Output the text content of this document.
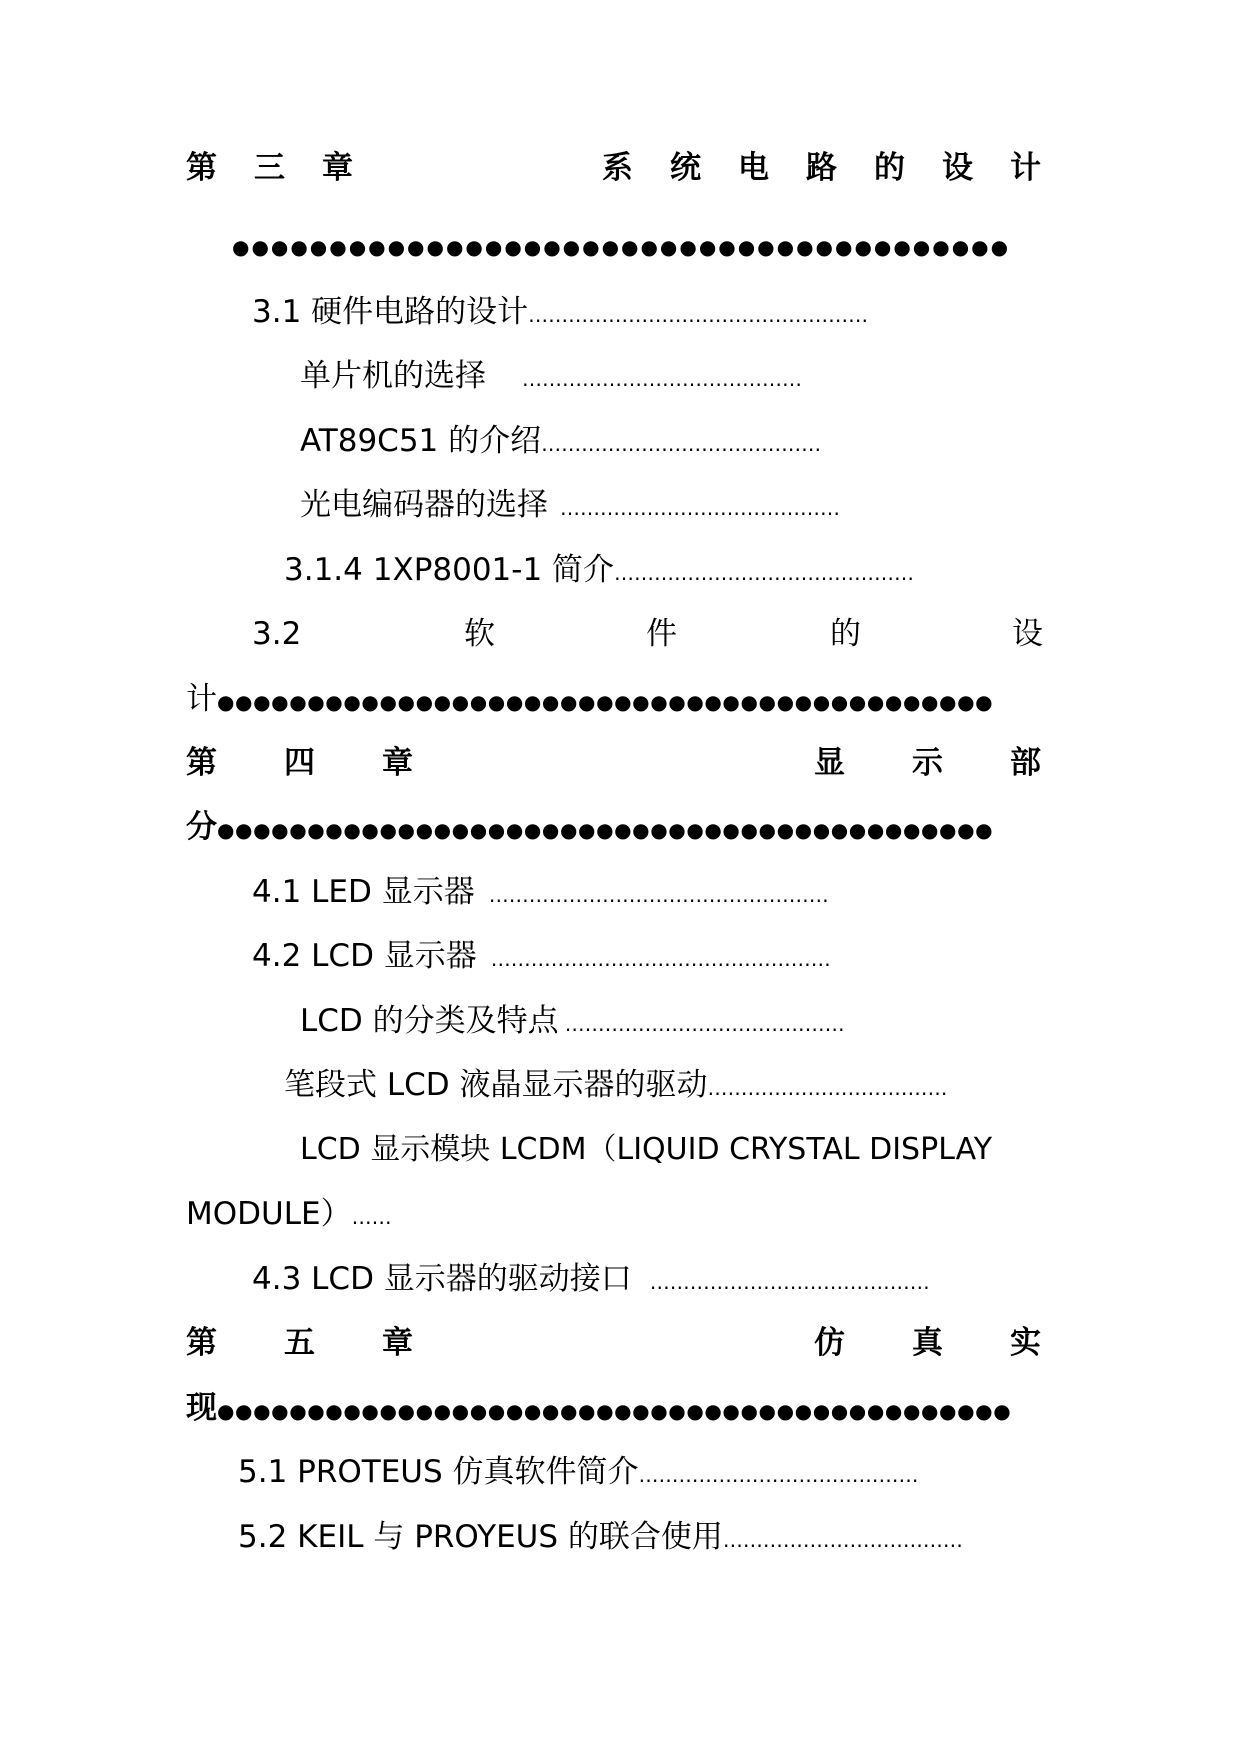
第 三 章	系 统 电 路 的 设 计
●●●●●●●●●●●●●●●●●●●●●●●●●●●●●●●●●●●●●●●●
3.1 硬件电路的设计……………………………………………
单片机的选择 ……………………………………
AT89C51 的介绍……………………………………
光电编码器的选择 ……………………………………
3.1.4 1XP8001-1 简介………………………………………
3.2	软	件	的	设
计●●●●●●●●●●●●●●●●●●●●●●●●●●●●●●●●●●●●●●●●●●●
第 四 章	显 示 部
分●●●●●●●●●●●●●●●●●●●●●●●●●●●●●●●●●●●●●●●●●●●
4.1 LED 显示器 ……………………………………………
4.2 LCD 显示器 ……………………………………………
LCD 的分类及特点 ……………………………………
笔段式 LCD 液晶显示器的驱动………………………………
LCD 显示模块 LCDM（LIQUID CRYSTAL DISPLAY
MODULE）……
4.3 LCD 显示器的驱动接口 ……………………………………
第 五 章	仿 真 实
现●●●●●●●●●●●●●●●●●●●●●●●●●●●●●●●●●●●●●●●●●●●●
5.1 PROTEUS 仿真软件简介……………………………………
5.2 KEIL 与 PROYEUS 的联合使用………………………………
